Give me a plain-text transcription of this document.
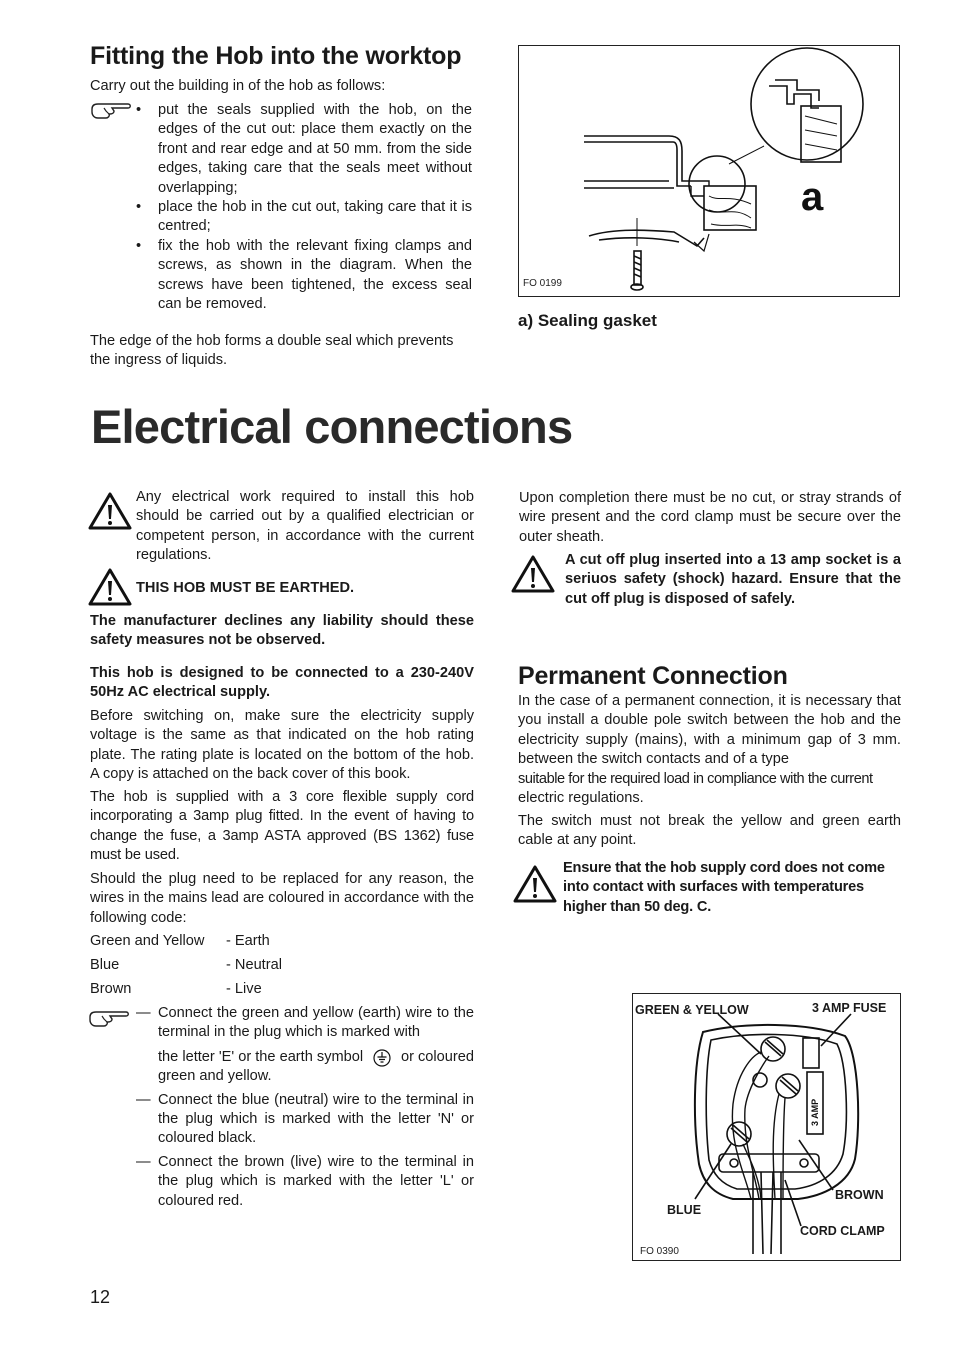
Fitting the Hob into the worktop
Carry out the building in of the hob as follows:
• put the seals supplied with the hob, on the edges of the cut out: place them exactly on the front and rear edge and at 50 mm. from the side edges, taking care that the seals meet without overlapping;
• place the hob in the cut out, taking care that it is centred;
• fix the hob with the relevant fixing clamps and screws, as shown in the diagram. When the screws have been tightened, the excess seal can be removed.
The edge of the hob forms a double seal which prevents the ingress of liquids.
a
FO 0199
a) Sealing gasket
Electrical connections
Any electrical work required to install this hob should be carried out by a qualified electrician or competent person, in accordance with the current regulations.
THIS HOB MUST BE EARTHED.
The manufacturer declines any liability should these safety measures not be observed.
This hob is designed to be connected to a 230-240V 50Hz AC electrical supply.
Before switching on, make sure the electricity supply voltage is the same as that indicated on the hob rating plate. The rating plate is located on the bottom of the hob. A copy is attached on the back cover of this book.
The hob is supplied with a 3 core flexible supply cord incorporating a 3amp plug fitted. In the event of having to change the fuse, a 3amp ASTA approved (BS 1362) fuse must be used.
Should the plug need to be replaced for any reason, the wires in the mains lead are coloured in accordance with the following code:
Green and Yellow - Earth
Blue	- Neutral
Brown	- Live
— Connect the green and yellow (earth) wire to the terminal in the plug which is marked with
the letter 'E' or the earth symbol	or coloured
green and yellow.
— Connect the blue (neutral) wire to the terminal in the plug which is marked with the letter 'N' or coloured black.
— Connect the brown (live) wire to the terminal in the plug which is marked with the letter 'L' or coloured red.
Upon completion there must be no cut, or stray strands of wire present and the cord clamp must be secure over the outer sheath.
A cut off plug inserted into a 13 amp socket is a seriuos safety (shock) hazard. Ensure that the cut off plug is disposed of safely.
Permanent Connection
In the case of a permanent connection, it is necessary that you install a double pole switch between the hob and the electricity supply (mains), with a minimum gap of 3 mm. between the switch contacts and of a type
suitable for the required load in compliance with the current
electric regulations.
The switch must not break the yellow and green earth cable at any point.
Ensure that the hob supply cord does not come into contact with surfaces with temperatures higher than 50 deg. C.
3 AMP
GREEN & YELLOW	3 AMP FUSE
BLUE
BROWN
CORD CLAMP
FO 0390
12
